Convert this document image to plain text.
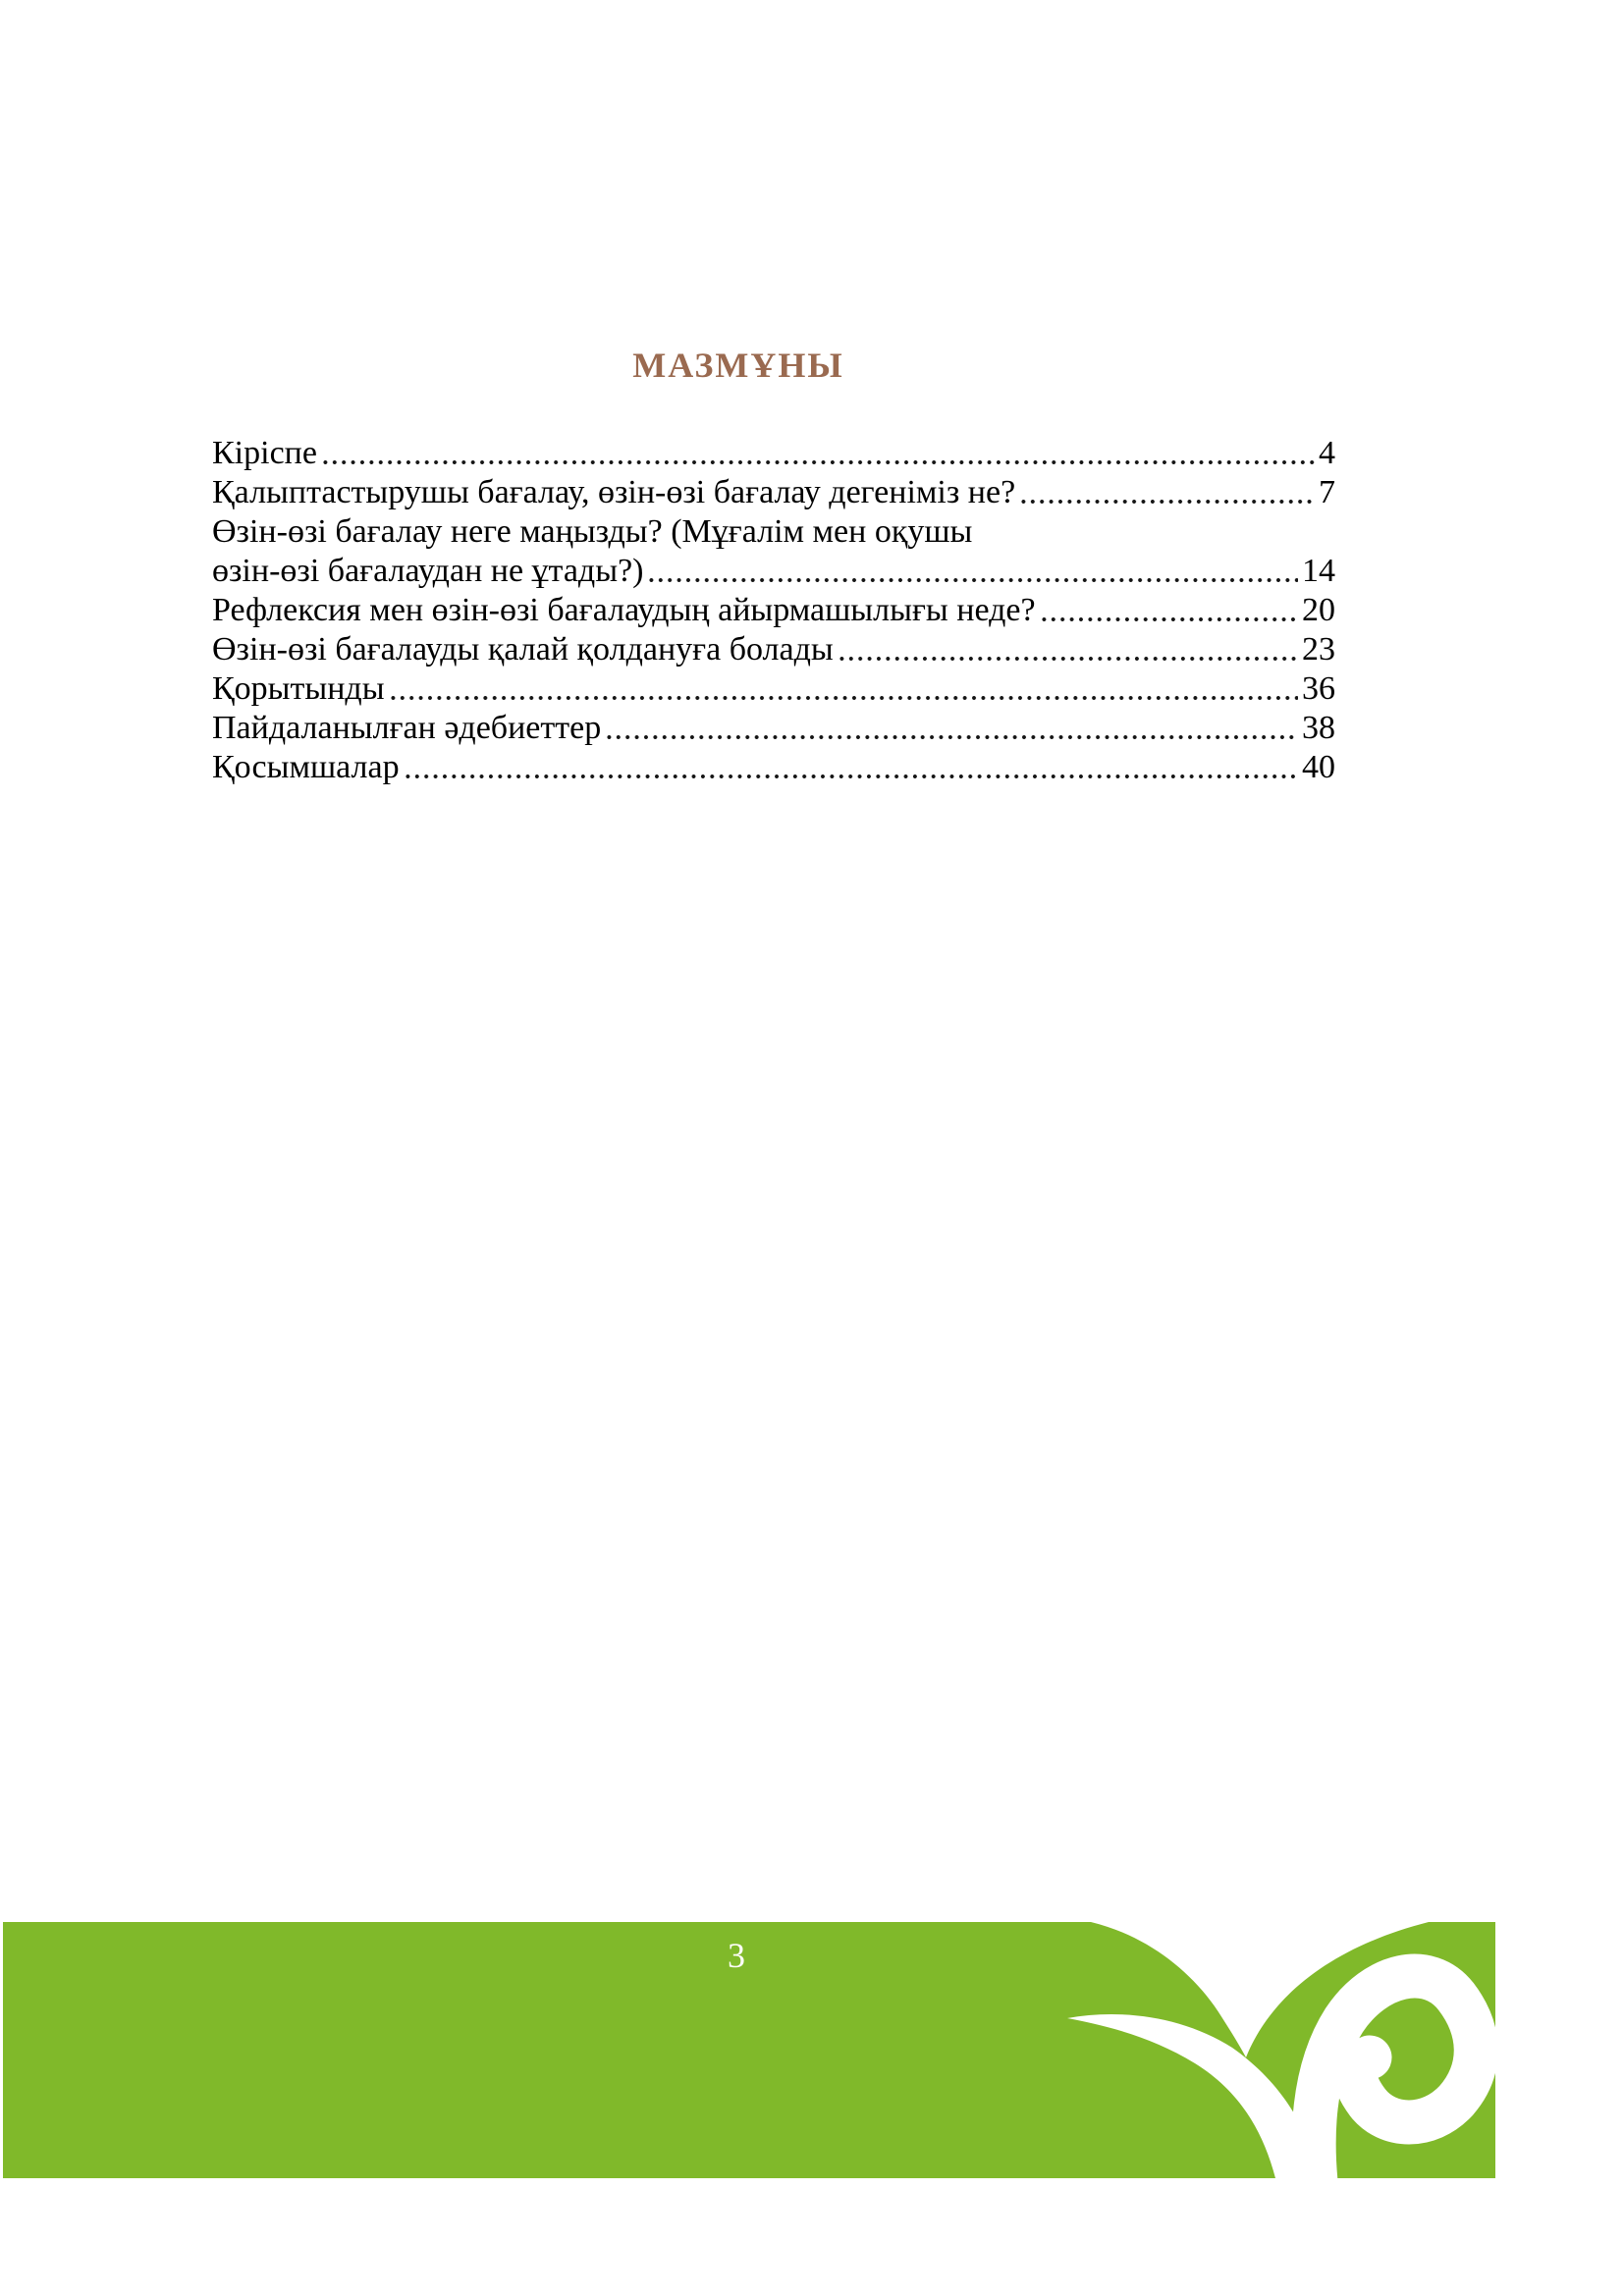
МАЗМҰНЫ
Кіріспе	4
Қалыптастырушы бағалау, өзін-өзі бағалау дегеніміз не?	7
Өзін-өзі бағалау неге маңызды? (Мұғалім мен оқушы
өзін-өзі бағалаудан не ұтады?)	14
Рефлексия мен өзін-өзі бағалаудың айырмашылығы неде?	20
Өзін-өзі бағалауды қалай қолдануға болады	23
Қорытынды	36
Пайдаланылған әдебиеттер	38
Қосымшалар	40
3
